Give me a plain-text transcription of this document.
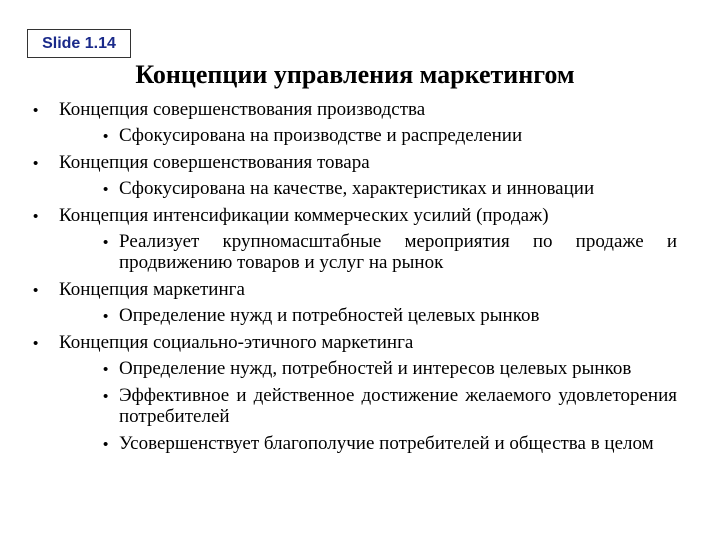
Slide 1.14
Концепции управления маркетингом
• Концепция совершенствования производства
• Сфокусирована на производстве и распределении
• Концепция совершенствования товара
• Сфокусирована на качестве, характеристиках и инновации
• Концепция интенсификации коммерческих усилий (продаж)
• Реализует крупномасштабные мероприятия по продаже и продвижению товаров и услуг на рынок
• Концепция маркетинга
• Определение нужд и потребностей целевых рынков
• Концепция социально-этичного маркетинга
• Определение нужд, потребностей и интересов целевых рынков
• Эффективное и действенное достижение желаемого удовлеторения потребителей
• Усовершенствует благополучие потребителей и общества в целом
